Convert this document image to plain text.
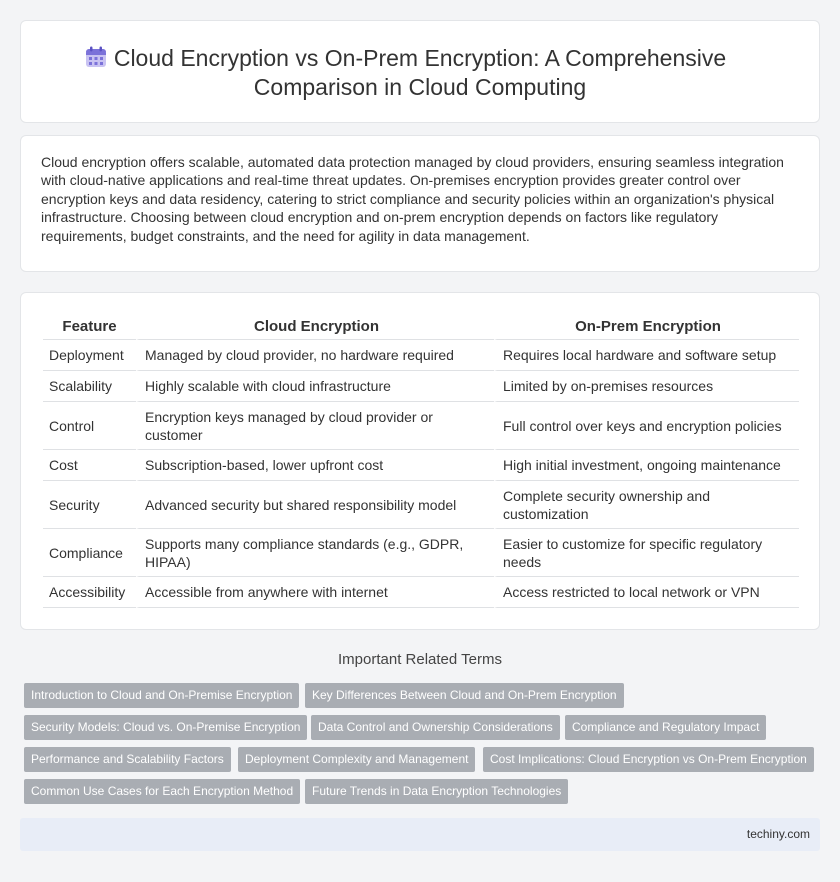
Cloud Encryption vs On-Prem Encryption: A Comprehensive Comparison in Cloud Computing

Cloud encryption offers scalable, automated data protection managed by cloud providers, ensuring seamless integration with cloud-native applications and real-time threat updates. On-premises encryption provides greater control over encryption keys and data residency, catering to strict compliance and security policies within an organization's physical infrastructure. Choosing between cloud encryption and on-prem encryption depends on factors like regulatory requirements, budget constraints, and the need for agility in data management.

Feature	Cloud Encryption	On-Prem Encryption
Deployment	Managed by cloud provider, no hardware required	Requires local hardware and software setup
Scalability	Highly scalable with cloud infrastructure	Limited by on-premises resources
Control	Encryption keys managed by cloud provider or customer	Full control over keys and encryption policies
Cost	Subscription-based, lower upfront cost	High initial investment, ongoing maintenance
Security	Advanced security but shared responsibility model	Complete security ownership and customization
Compliance	Supports many compliance standards (e.g., GDPR, HIPAA)	Easier to customize for specific regulatory needs
Accessibility	Accessible from anywhere with internet	Access restricted to local network or VPN
Important Related Terms
Introduction to Cloud and On-Premise Encryption	Key Differences Between Cloud and On-Prem Encryption
Security Models: Cloud vs. On-Premise Encryption	Data Control and Ownership Considerations	Compliance and Regulatory Impact
Performance and Scalability Factors	Deployment Complexity and Management	Cost Implications: Cloud Encryption vs On-Prem Encryption
Common Use Cases for Each Encryption Method	Future Trends in Data Encryption Technologies
techiny.com
